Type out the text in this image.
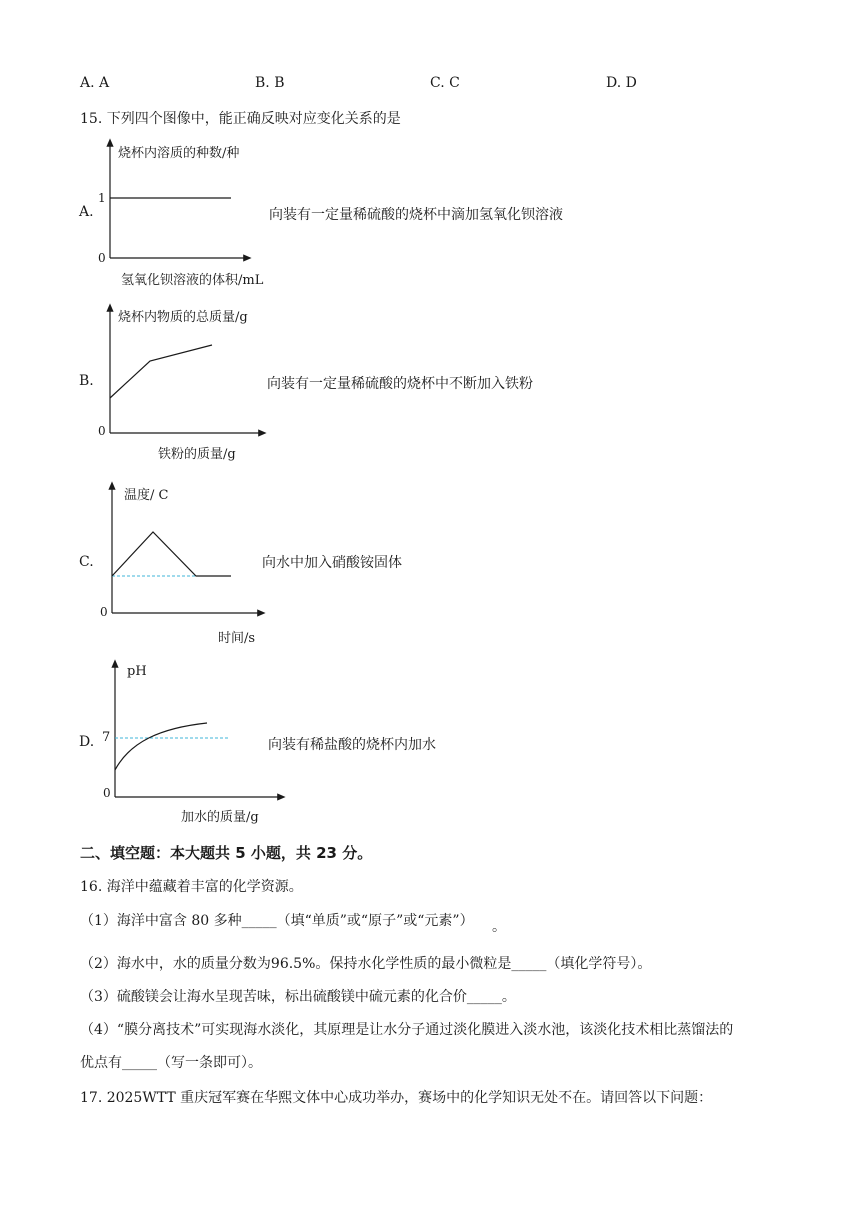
A. A	B. B	C. C	D. D
15. 下列四个图像中，能正确反映对应变化关系的是
烧杯内溶质的种数/种
1
A.
0
氢氧化钡溶液的体积/mL
向装有一定量稀硫酸的烧杯中滴加氢氧化钡溶液
烧杯内物质的总质量/g
B.
0
铁粉的质量/g
向装有一定量稀硫酸的烧杯中不断加入铁粉
温度/ C
C.
0
时间/s
向水中加入硝酸铵固体
pH
D. 7
0
加水的质量/g
向装有稀盐酸的烧杯内加水
二、填空题：本大题共 5 小题，共 23 分。
16. 海洋中蕴藏着丰富的化学资源。
（1）海洋中富含 80 多种_____（填“单质”或“原子”或“元素”） 。
（2）海水中，水的质量分数为96.5%。保持水化学性质的最小微粒是_____（填化学符号）。
（3）硫酸镁会让海水呈现苦味，标出硫酸镁中硫元素的化合价_____。
（4）“膜分离技术”可实现海水淡化，其原理是让水分子通过淡化膜进入淡水池，该淡化技术相比蒸馏法的
优点有_____（写一条即可）。
17. 2025WTT 重庆冠军赛在华熙文体中心成功举办，赛场中的化学知识无处不在。请回答以下问题：
